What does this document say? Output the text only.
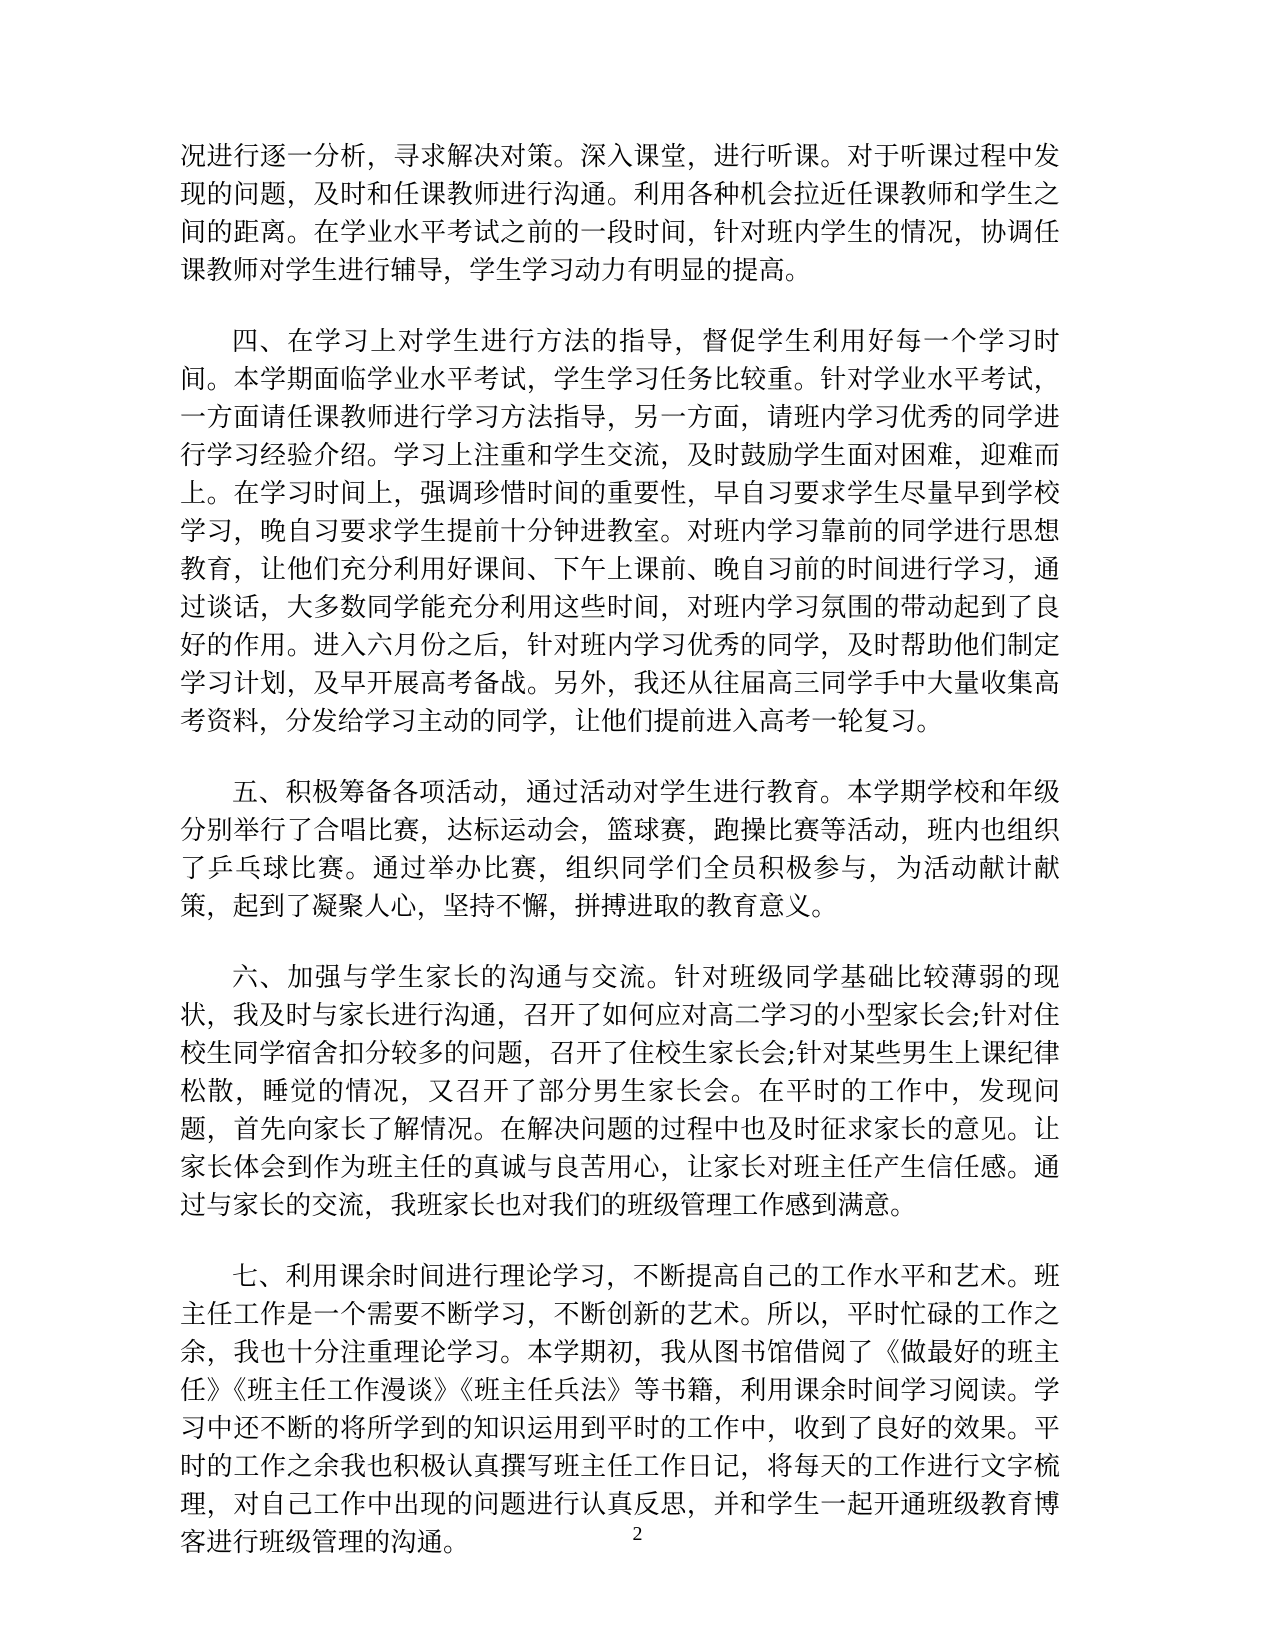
况进行逐一分析，寻求解决对策。深入课堂，进行听课。对于听课过程中发现的问题，及时和任课教师进行沟通。利用各种机会拉近任课教师和学生之间的距离。在学业水平考试之前的一段时间，针对班内学生的情况，协调任课教师对学生进行辅导，学生学习动力有明显的提高。

四、在学习上对学生进行方法的指导，督促学生利用好每一个学习时间。本学期面临学业水平考试，学生学习任务比较重。针对学业水平考试，一方面请任课教师进行学习方法指导，另一方面，请班内学习优秀的同学进行学习经验介绍。学习上注重和学生交流，及时鼓励学生面对困难，迎难而上。在学习时间上，强调珍惜时间的重要性，早自习要求学生尽量早到学校学习，晚自习要求学生提前十分钟进教室。对班内学习靠前的同学进行思想教育，让他们充分利用好课间、下午上课前、晚自习前的时间进行学习，通过谈话，大多数同学能充分利用这些时间，对班内学习氛围的带动起到了良好的作用。进入六月份之后，针对班内学习优秀的同学，及时帮助他们制定学习计划，及早开展高考备战。另外，我还从往届高三同学手中大量收集高考资料，分发给学习主动的同学，让他们提前进入高考一轮复习。

五、积极筹备各项活动，通过活动对学生进行教育。本学期学校和年级分别举行了合唱比赛，达标运动会，篮球赛，跑操比赛等活动，班内也组织了乒乓球比赛。通过举办比赛，组织同学们全员积极参与，为活动献计献策，起到了凝聚人心，坚持不懈，拼搏进取的教育意义。

六、加强与学生家长的沟通与交流。针对班级同学基础比较薄弱的现状，我及时与家长进行沟通，召开了如何应对高二学习的小型家长会;针对住校生同学宿舍扣分较多的问题，召开了住校生家长会;针对某些男生上课纪律松散，睡觉的情况，又召开了部分男生家长会。在平时的工作中，发现问题，首先向家长了解情况。在解决问题的过程中也及时征求家长的意见。让家长体会到作为班主任的真诚与良苦用心，让家长对班主任产生信任感。通过与家长的交流，我班家长也对我们的班级管理工作感到满意。

七、利用课余时间进行理论学习，不断提高自己的工作水平和艺术。班主任工作是一个需要不断学习，不断创新的艺术。所以，平时忙碌的工作之余，我也十分注重理论学习。本学期初，我从图书馆借阅了《做最好的班主任》《班主任工作漫谈》《班主任兵法》等书籍，利用课余时间学习阅读。学习中还不断的将所学到的知识运用到平时的工作中，收到了良好的效果。平时的工作之余我也积极认真撰写班主任工作日记，将每天的工作进行文字梳理，对自己工作中出现的问题进行认真反思，并和学生一起开通班级教育博客进行班级管理的沟通。	2
